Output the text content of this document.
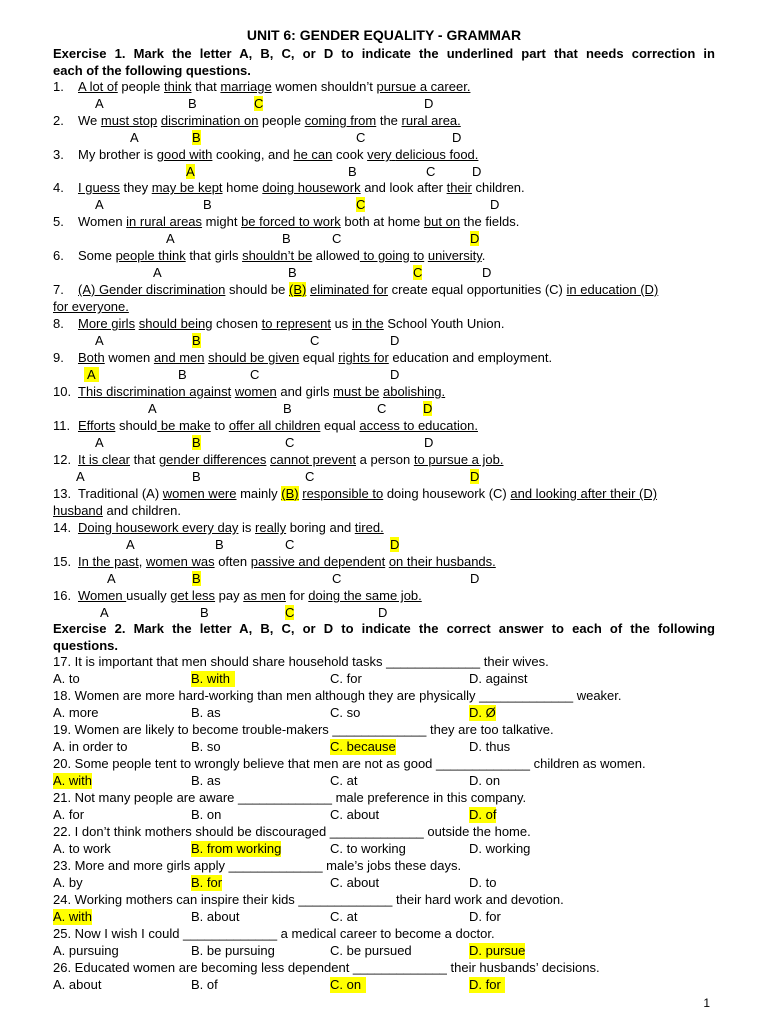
UNIT 6: GENDER EQUALITY - GRAMMAR
Exercise 1. Mark the letter A, B, C, or D to indicate the underlined part that needs correction in
each of the following questions.
1. A lot of people think that marriage women shouldn’t pursue a career.
A	B	C	D
2. We must stop discrimination on people coming from the rural area.
A	B	C	D
3. My brother is good with cooking, and he can cook very delicious food.
A	B	C	D
4. I guess they may be kept home doing housework and look after their children.
A	B	C	D
5. Women in rural areas might be forced to work both at home but on the fields.
A	B	C	D
6. Some people think that girls shouldn’t be allowed to going to university.
A	B	C	D
7. (A) Gender discrimination should be (B) eliminated for create equal opportunities (C) in education (D)
for everyone.
8. More girls should being chosen to represent us in the School Youth Union.
A	B	C	D
9. Both women and men should be given equal rights for education and employment.
A	B	C	D
10. This discrimination against women and girls must be abolishing.
A	B	C	D
11. Efforts should be make to offer all children equal access to education.
A	B	C	D
12. It is clear that gender differences cannot prevent a person to pursue a job.
A	B	C	D
13. Traditional (A) women were mainly (B) responsible to doing housework (C) and looking after their (D)
husband and children.
14. Doing housework every day is really boring and tired.
A	B	C	D
15. In the past, women was often passive and dependent on their husbands.
A	B	C	D
16. Women usually get less pay as men for doing the same job.
A	B	C	D
Exercise 2. Mark the letter A, B, C, or D to indicate the correct answer to each of the following
questions.
17. It is important that men should share household tasks _____________ their wives.
A. to	B. with	C. for	D. against
18. Women are more hard-working than men although they are physically _____________ weaker.
A. more	B. as	C. so	D. Ø
19. Women are likely to become trouble-makers _____________ they are too talkative.
A. in order to	B. so	C. because	D. thus
20. Some people tent to wrongly believe that men are not as good _____________ children as women.
A. with	B. as	C. at	D. on
21. Not many people are aware _____________ male preference in this company.
A. for	B. on	C. about	D. of
22. I don’t think mothers should be discouraged _____________ outside the home.
A. to work	B. from working	C. to working	D. working
23. More and more girls apply _____________ male’s jobs these days.
A. by	B. for	C. about	D. to
24. Working mothers can inspire their kids _____________ their hard work and devotion.
A. with	B. about	C. at	D. for
25. Now I wish I could _____________ a medical career to become a doctor.
A. pursuing	B. be pursuing	C. be pursued	D. pursue
26. Educated women are becoming less dependent _____________ their husbands’ decisions.
A. about	B. of	C. on	D. for
1
